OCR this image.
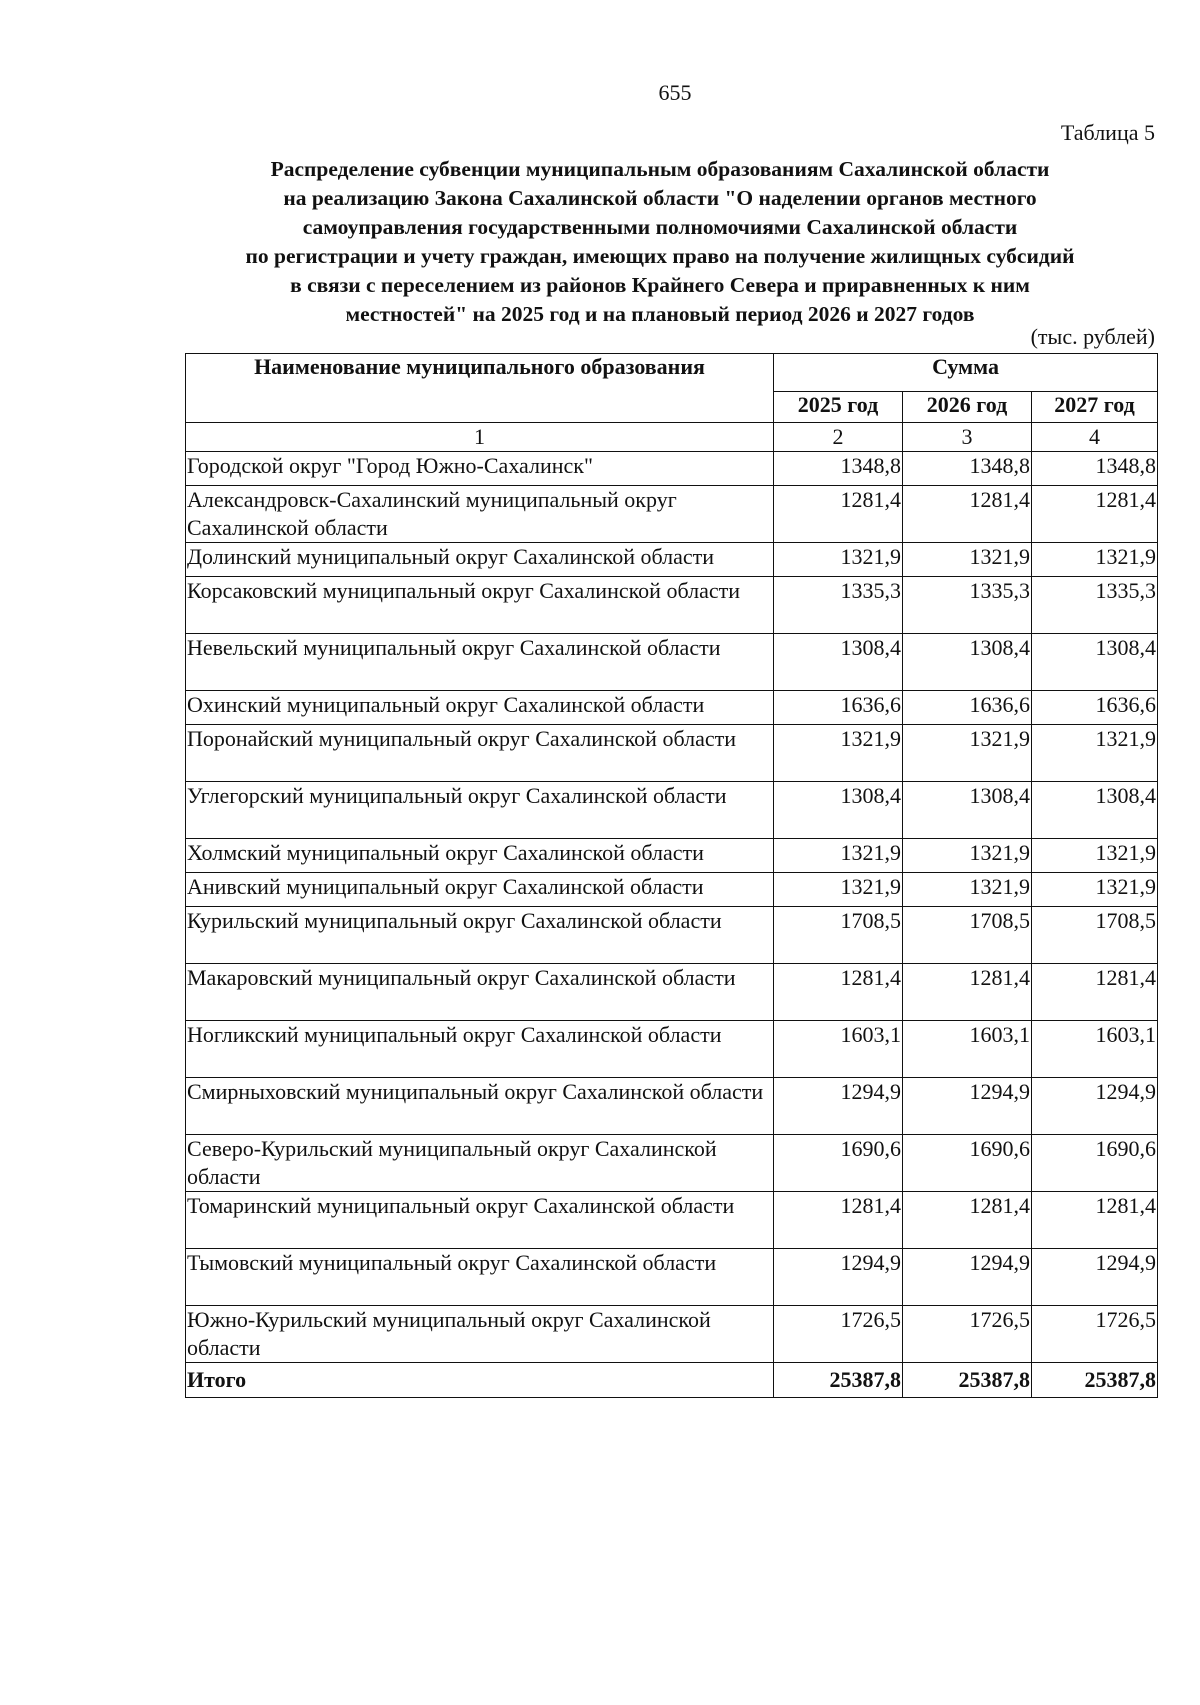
655
Таблица 5
Распределение субвенции муниципальным образованиям Сахалинской области
на реализацию Закона Сахалинской области "О наделении органов местного
самоуправления государственными полномочиями Сахалинской области
по регистрации и учету граждан, имеющих право на получение жилищных субсидий
в связи с переселением из районов Крайнего Севера и приравненных к ним
местностей" на 2025 год и на плановый период 2026 и 2027 годов
(тыс. рублей)
Наименование муниципального образования	Сумма		
	2025 год	2026 год	2027 год
1	2	3	4
Городской округ "Город Южно-Сахалинск"	1348,8	1348,8	1348,8
Александровск-Сахалинский муниципальный округ Сахалинской области	1281,4	1281,4	1281,4
Долинский муниципальный округ Сахалинской области	1321,9	1321,9	1321,9
Корсаковский муниципальный округ Сахалинской области	1335,3	1335,3	1335,3
Невельский муниципальный округ Сахалинской области	1308,4	1308,4	1308,4
Охинский муниципальный округ Сахалинской области	1636,6	1636,6	1636,6
Поронайский муниципальный округ Сахалинской области	1321,9	1321,9	1321,9
Углегорский муниципальный округ Сахалинской области	1308,4	1308,4	1308,4
Холмский муниципальный округ Сахалинской области	1321,9	1321,9	1321,9
Анивский муниципальный округ Сахалинской области	1321,9	1321,9	1321,9
Курильский муниципальный округ Сахалинской области	1708,5	1708,5	1708,5
Макаровский муниципальный округ Сахалинской области	1281,4	1281,4	1281,4
Ногликский муниципальный округ Сахалинской области	1603,1	1603,1	1603,1
Смирныховский муниципальный округ Сахалинской области	1294,9	1294,9	1294,9
Северо-Курильский муниципальный округ Сахалинской области	1690,6	1690,6	1690,6
Томаринский муниципальный округ Сахалинской области	1281,4	1281,4	1281,4
Тымовский муниципальный округ Сахалинской области	1294,9	1294,9	1294,9
Южно-Курильский муниципальный округ Сахалинской области	1726,5	1726,5	1726,5
Итого	25387,8	25387,8	25387,8
